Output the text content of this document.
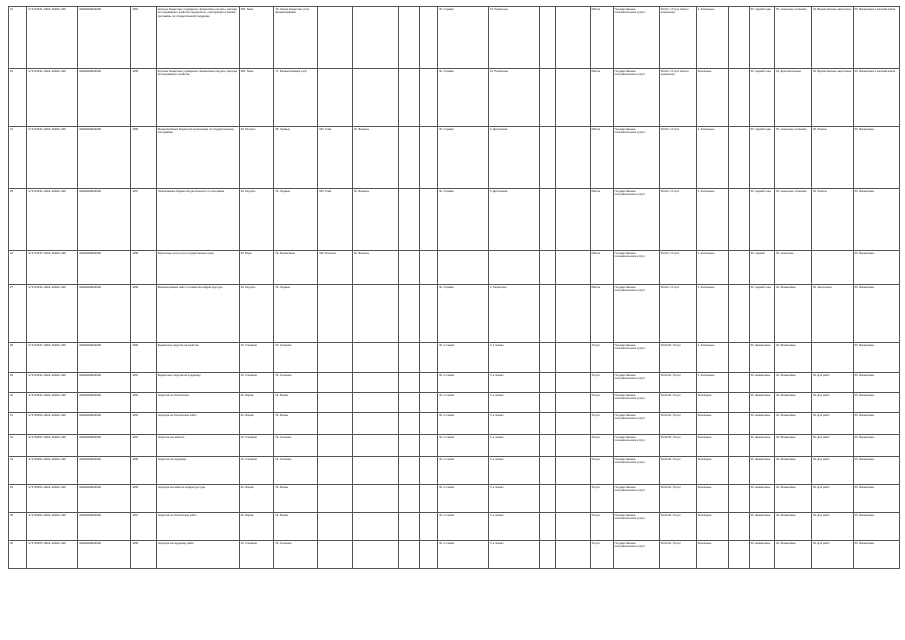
22	6/5/00041-0000-00000-000	00000000000000	1054	Крупные бюджетные учреждения, финансовые ресурсы, расходы на содержание и развитие предприятия, участвующего в рамках программы по государственной поддержке	000. Ткань	15. Сфера бюджетных услуг финансирование					00. Справки	15. Первичные			Работа	Государственные пользовательские услуги	00-00-1. Услуги общего назначения	2. Жилищные		00. годовой годы	00. начальные установки	04. Ведомственные закупочные	00. Финансовые и экономические
23	6/5/00042-0000-00000-000	00000000000000	1055	Крупные бюджетные учреждения, финансовые ресурсы, расходы на содержание и развитие	000. Ткань	17. Финансирование услуг					00. Справки	15. Первичные			Работа	Государственные пользовательские услуги	00-00-1. Услуги общего назначения	Жилищные		00. годовой годы	00. Дополнительные	00. Ведомственные закупочные	00. Финансовые и экономические
24	6/5/00043-0000-00000-000	00000000000000	1056	Финансирование бюджетной организации по государственным программам	00. Ресурсы	08. Годовые	000. Тема	09. Финансы			00. Справки	0. Дополнение			Работа	Государственные пользовательские услуги	00-00-1. Услуги	2. Жилищные		00. годовой годы	00. начальные установки	00. Лимиты	00. Финансовые
25	6/5/00044-0000-00000-000	00000000000000	1057	Планирование бюджетной деятельности по программе	00. Ресурсы	00. Годовые	000. Тема	00. Финансы			00. Справки	0. Дополнение			Работа	Государственные пользовательские услуги	00-00-1. Услуги	2. Жилищные		00. годовой годы	00. начальные установки	00. Лимиты	00. Финансовые
26	6/5/00045-0000-00000-000	00000000000000	1058	Закупочные услуги для государственных нужд	00. Виды	00. Финансовые	000. Контроль	00. Финансы							Работа	Государственные пользовательские услуги	00-00-1. Услуги	2. Жилищные		00. годовой	00. начальные		00. Финансовые
27	6/5/00046-0000-00000-000	00000000000000	1059	Финансирование работ по развитию инфраструктуры	00. Ресурсы	00. Годовые					00. Справки	0. Первичные			Работа	Государственные пользовательские услуги	00-00-1. Услуги	2. Жилищные		00. годовой годы	00. Финансовые	00. Закупочные	00. Финансовые
28	6/5/00047-0000-00000-000	00000000000000	1060	Бюджетные средства на развитие	00. Списание	00. Списание					00. в планах	0. в планах			Услуга	Государственные пользовательские услуги	00-00-00. Услуги	2. Жилищные		00. финансовые	00. Финансовые		00. Финансовые
29	6/5/00048-0000-00000-000	00000000000000	1061	Бюджетные средства на поддержку	00. Списание	00. Списание					00. в планах	0. в планах			Услуга	Государственные пользовательские услуги	00-00-00. Услуги	2. Жилищные		00. финансовые	00. Финансовые	00. Для работ	00. Финансовые
30	6/5/00049-0000-00000-000	00000000000000	1062	Средства на обеспечение	00. Формы	00. Формы					00. в планах	0. в планах			Услуга	Государственные пользовательские услуги	00-00-00. Услуги	Жилищные		00. финансовые	00. Финансовые	00. Для работ	00. Финансовые
31	6/5/00050-0000-00000-000	00000000000000	1063	Средства на обеспечение работ	00. Формы	00. Формы					00. в планах	0. в планах			Услуга	Государственные пользовательские услуги	00-00-00. Услуги	Жилищные		00. финансовые	00. Финансовые	00. Для работ	00. Финансовые
32	6/5/00051-0000-00000-000	00000000000000	1064	Средства на развитие	00. Списание	00. Списание					00. в планах	0. в планах			Услуга	Государственные пользовательские услуги	00-00-00. Услуги	Жилищные		00. финансовые	00. Финансовые	00. Для работ	00. Финансовые
33	6/5/00052-0000-00000-000	00000000000000	1065	Средства на поддержку	00. Списание	00. Списание					00. в планах	0. в планах			Услуга	Государственные пользовательские услуги	00-00-00. Услуги	Жилищные		00. финансовые	00. Финансовые	00. Для работ	00. Финансовые
34	6/5/00053-0000-00000-000	00000000000000	1066	Средства на развитие инфраструктуры	00. Формы	00. Формы					00. в планах	0. в планах			Услуга	Государственные пользовательские услуги	00-00-00. Услуги	Жилищные		00. финансовые	00. Финансовые	00. Для работ	00. Финансовые
35	6/5/00054-0000-00000-000	00000000000000	1067	Средства на обеспечение работ	00. Формы	00. Формы					00. в планах	0. в планах			Услуга	Государственные пользовательские услуги	00-00-00. Услуги	Жилищные		00. финансовые	00. Финансовые	00. Для работ	00. Финансовые
36	6/5/00055-0000-00000-000	00000000000000	1068	Средства на поддержку работ	00. Списание	00. Списание					00. в планах	0. в планах			Услуга	Государственные пользовательские услуги	00-00-00. Услуги	Жилищные		00. финансовые	00. Финансовые	00. Для работ	00. Финансовые
